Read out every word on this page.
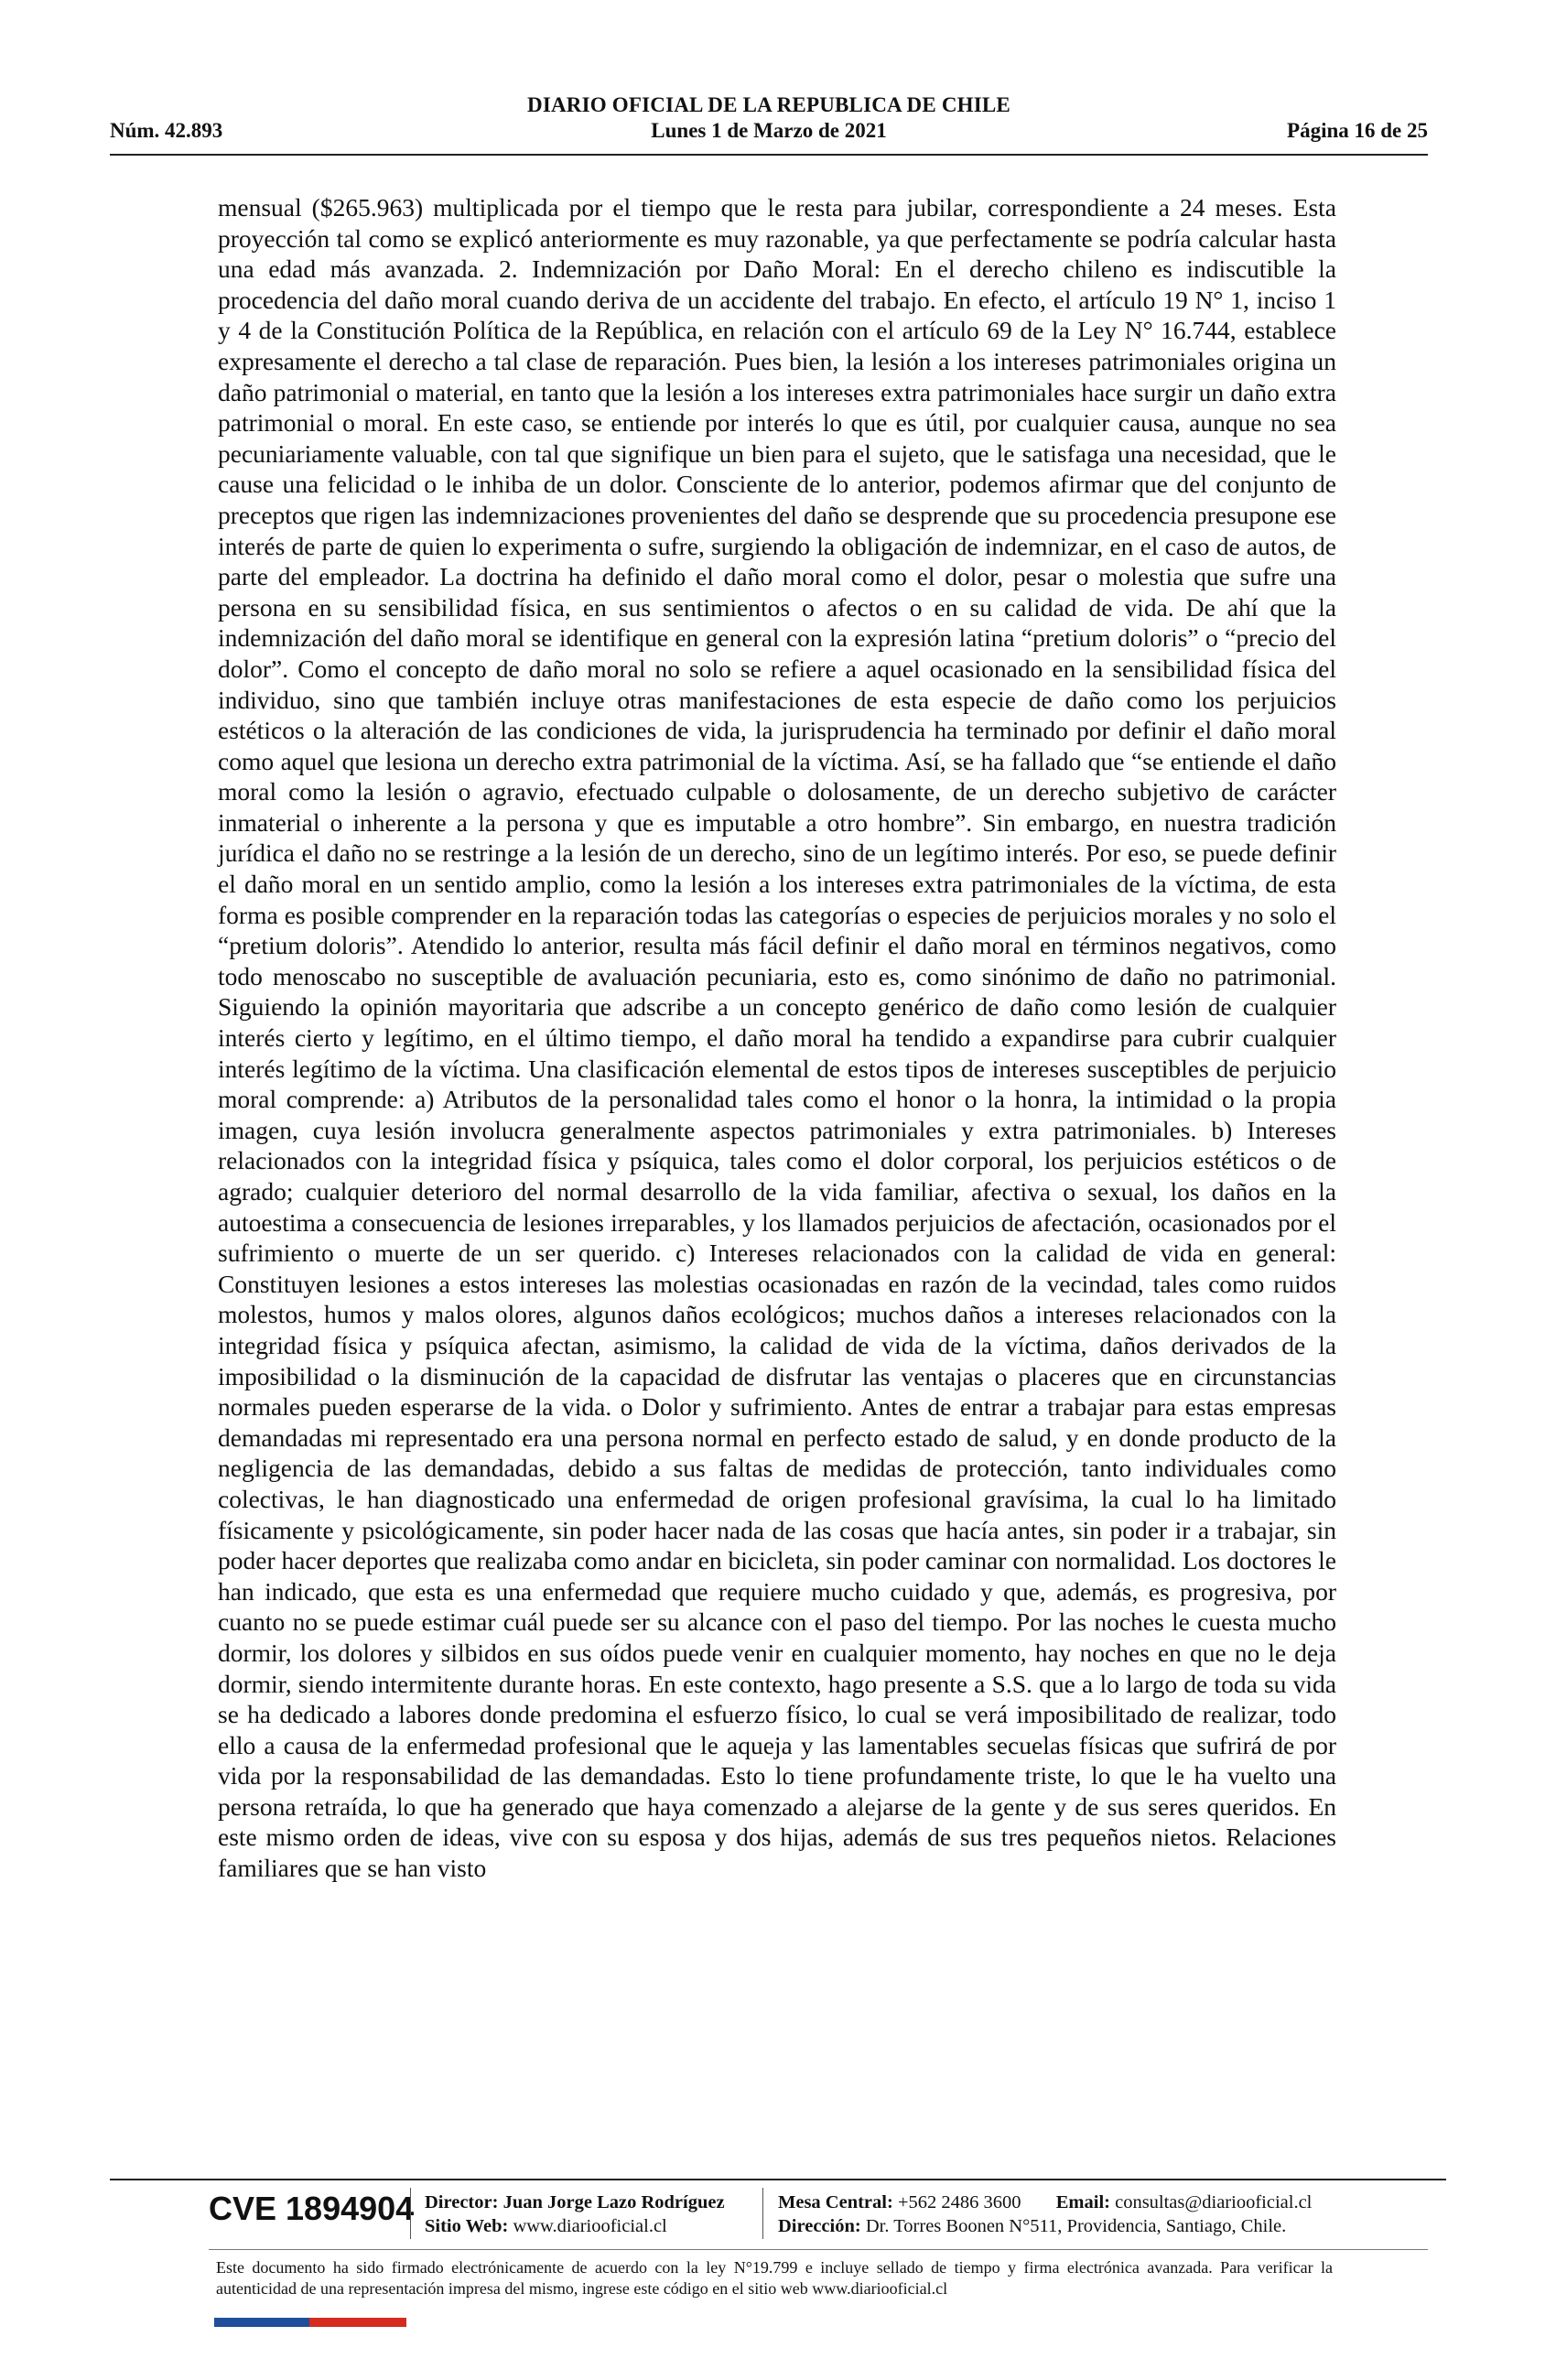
DIARIO OFICIAL DE LA REPUBLICA DE CHILE
Núm. 42.893	Lunes 1 de Marzo de 2021	Página 16 de 25

mensual ($265.963) multiplicada por el tiempo que le resta para jubilar, correspondiente a 24 meses. Esta proyección tal como se explicó anteriormente es muy razonable, ya que perfectamente se podría calcular hasta una edad más avanzada. 2. Indemnización por Daño Moral: En el derecho chileno es indiscutible la procedencia del daño moral cuando deriva de un accidente del trabajo. En efecto, el artículo 19 N° 1, inciso 1 y 4 de la Constitución Política de la República, en relación con el artículo 69 de la Ley N° 16.744, establece expresamente el derecho a tal clase de reparación. Pues bien, la lesión a los intereses patrimoniales origina un daño patrimonial o material, en tanto que la lesión a los intereses extra patrimoniales hace surgir un daño extra patrimonial o moral. En este caso, se entiende por interés lo que es útil, por cualquier causa, aunque no sea pecuniariamente valuable, con tal que signifique un bien para el sujeto, que le satisfaga una necesidad, que le cause una felicidad o le inhiba de un dolor. Consciente de lo anterior, podemos afirmar que del conjunto de preceptos que rigen las indemnizaciones provenientes del daño se desprende que su procedencia presupone ese interés de parte de quien lo experimenta o sufre, surgiendo la obligación de indemnizar, en el caso de autos, de parte del empleador. La doctrina ha definido el daño moral como el dolor, pesar o molestia que sufre una persona en su sensibilidad física, en sus sentimientos o afectos o en su calidad de vida. De ahí que la indemnización del daño moral se identifique en general con la expresión latina “pretium doloris” o “precio del dolor”. Como el concepto de daño moral no solo se refiere a aquel ocasionado en la sensibilidad física del individuo, sino que también incluye otras manifestaciones de esta especie de daño como los perjuicios estéticos o la alteración de las condiciones de vida, la jurisprudencia ha terminado por definir el daño moral como aquel que lesiona un derecho extra patrimonial de la víctima. Así, se ha fallado que “se entiende el daño moral como la lesión o agravio, efectuado culpable o dolosamente, de un derecho subjetivo de carácter inmaterial o inherente a la persona y que es imputable a otro hombre”. Sin embargo, en nuestra tradición jurídica el daño no se restringe a la lesión de un derecho, sino de un legítimo interés. Por eso, se puede definir el daño moral en un sentido amplio, como la lesión a los intereses extra patrimoniales de la víctima, de esta forma es posible comprender en la reparación todas las categorías o especies de perjuicios morales y no solo el “pretium doloris”. Atendido lo anterior, resulta más fácil definir el daño moral en términos negativos, como todo menoscabo no susceptible de avaluación pecuniaria, esto es, como sinónimo de daño no patrimonial. Siguiendo la opinión mayoritaria que adscribe a un concepto genérico de daño como lesión de cualquier interés cierto y legítimo, en el último tiempo, el daño moral ha tendido a expandirse para cubrir cualquier interés legítimo de la víctima. Una clasificación elemental de estos tipos de intereses susceptibles de perjuicio moral comprende: a) Atributos de la personalidad tales como el honor o la honra, la intimidad o la propia imagen, cuya lesión involucra generalmente aspectos patrimoniales y extra patrimoniales. b) Intereses relacionados con la integridad física y psíquica, tales como el dolor corporal, los perjuicios estéticos o de agrado; cualquier deterioro del normal desarrollo de la vida familiar, afectiva o sexual, los daños en la autoestima a consecuencia de lesiones irreparables, y los llamados perjuicios de afectación, ocasionados por el sufrimiento o muerte de un ser querido. c) Intereses relacionados con la calidad de vida en general: Constituyen lesiones a estos intereses las molestias ocasionadas en razón de la vecindad, tales como ruidos molestos, humos y malos olores, algunos daños ecológicos; muchos daños a intereses relacionados con la integridad física y psíquica afectan, asimismo, la calidad de vida de la víctima, daños derivados de la imposibilidad o la disminución de la capacidad de disfrutar las ventajas o placeres que en circunstancias normales pueden esperarse de la vida. o Dolor y sufrimiento. Antes de entrar a trabajar para estas empresas demandadas mi representado era una persona normal en perfecto estado de salud, y en donde producto de la negligencia de las demandadas, debido a sus faltas de medidas de protección, tanto individuales como colectivas, le han diagnosticado una enfermedad de origen profesional gravísima, la cual lo ha limitado físicamente y psicológicamente, sin poder hacer nada de las cosas que hacía antes, sin poder ir a trabajar, sin poder hacer deportes que realizaba como andar en bicicleta, sin poder caminar con normalidad. Los doctores le han indicado, que esta es una enfermedad que requiere mucho cuidado y que, además, es progresiva, por cuanto no se puede estimar cuál puede ser su alcance con el paso del tiempo. Por las noches le cuesta mucho dormir, los dolores y silbidos en sus oídos puede venir en cualquier momento, hay noches en que no le deja dormir, siendo intermitente durante horas. En este contexto, hago presente a S.S. que a lo largo de toda su vida se ha dedicado a labores donde predomina el esfuerzo físico, lo cual se verá imposibilitado de realizar, todo ello a causa de la enfermedad profesional que le aqueja y las lamentables secuelas físicas que sufrirá de por vida por la responsabilidad de las demandadas. Esto lo tiene profundamente triste, lo que le ha vuelto una persona retraída, lo que ha generado que haya comenzado a alejarse de la gente y de sus seres queridos. En este mismo orden de ideas, vive con su esposa y dos hijas, además de sus tres pequeños nietos. Relaciones familiares que se han visto

CVE 1894904 Director: Juan Jorge Lazo Rodríguez
Sitio Web: www.diariooficial.cl
Mesa Central: +562 2486 3600 Email: consultas@diariooficial.cl
Dirección: Dr. Torres Boonen N°511, Providencia, Santiago, Chile.
Este documento ha sido firmado electrónicamente de acuerdo con la ley N°19.799 e incluye sellado de tiempo y firma electrónica avanzada. Para verificar la autenticidad de una representación impresa del mismo, ingrese este código en el sitio web www.diariooficial.cl
